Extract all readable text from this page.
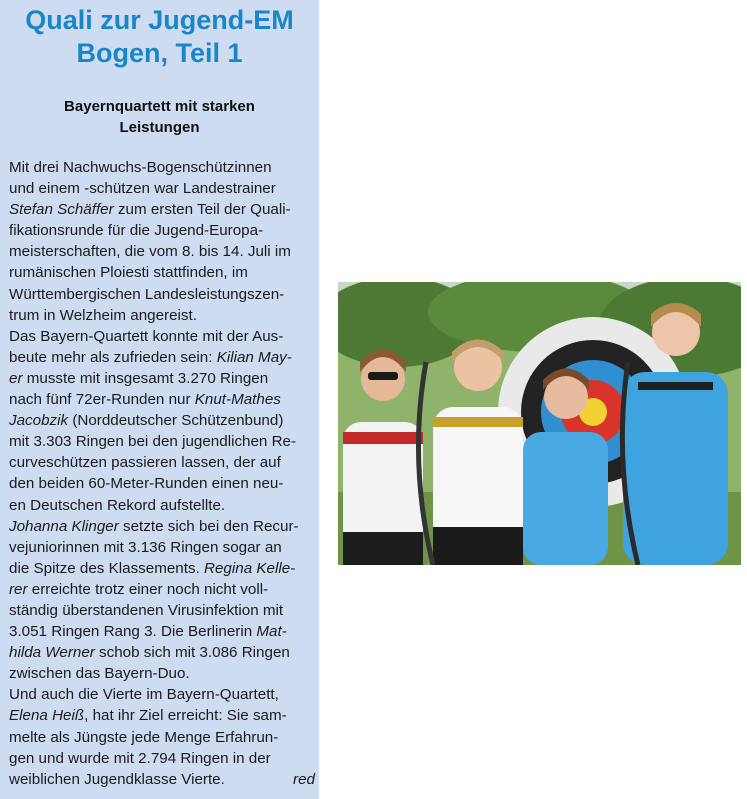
Quali zur Jugend-EM
Bogen, Teil 1
Bayernquartett mit starken
Leistungen
Mit drei Nachwuchs-Bogenschützinnen
und einem -schützen war Landestrainer
Stefan Schäffer zum ersten Teil der Quali-
fikationsrunde für die Jugend-Europa-
meisterschaften, die vom 8. bis 14. Juli im
rumänischen Ploiesti stattfinden, im
Württembergischen Landesleistungszen-
trum in Welzheim angereist.
Das Bayern-Quartett konnte mit der Aus-
beute mehr als zufrieden sein: Kilian May-
er musste mit insgesamt 3.270 Ringen
nach fünf 72er-Runden nur Knut-Mathes
Jacobzik (Norddeutscher Schützenbund)
mit 3.303 Ringen bei den jugendlichen Re-
curveschützen passieren lassen, der auf
den beiden 60-Meter-Runden einen neu-
en Deutschen Rekord aufstellte.
Johanna Klinger setzte sich bei den Recur-
vejuniorinnen mit 3.136 Ringen sogar an
die Spitze des Klassements. Regina Kelle-
rer erreichte trotz einer noch nicht voll-
ständig überstandenen Virusinfektion mit
3.051 Ringen Rang 3. Die Berlinerin Mat-
hilda Werner schob sich mit 3.086 Ringen
zwischen das Bayern-Duo.
Und auch die Vierte im Bayern-Quartett,
Elena Heiß, hat ihr Ziel erreicht: Sie sam-
melte als Jüngste jede Menge Erfahrun-
gen und wurde mit 2.794 Ringen in der
weiblichen Jugendklasse Vierte.	red
